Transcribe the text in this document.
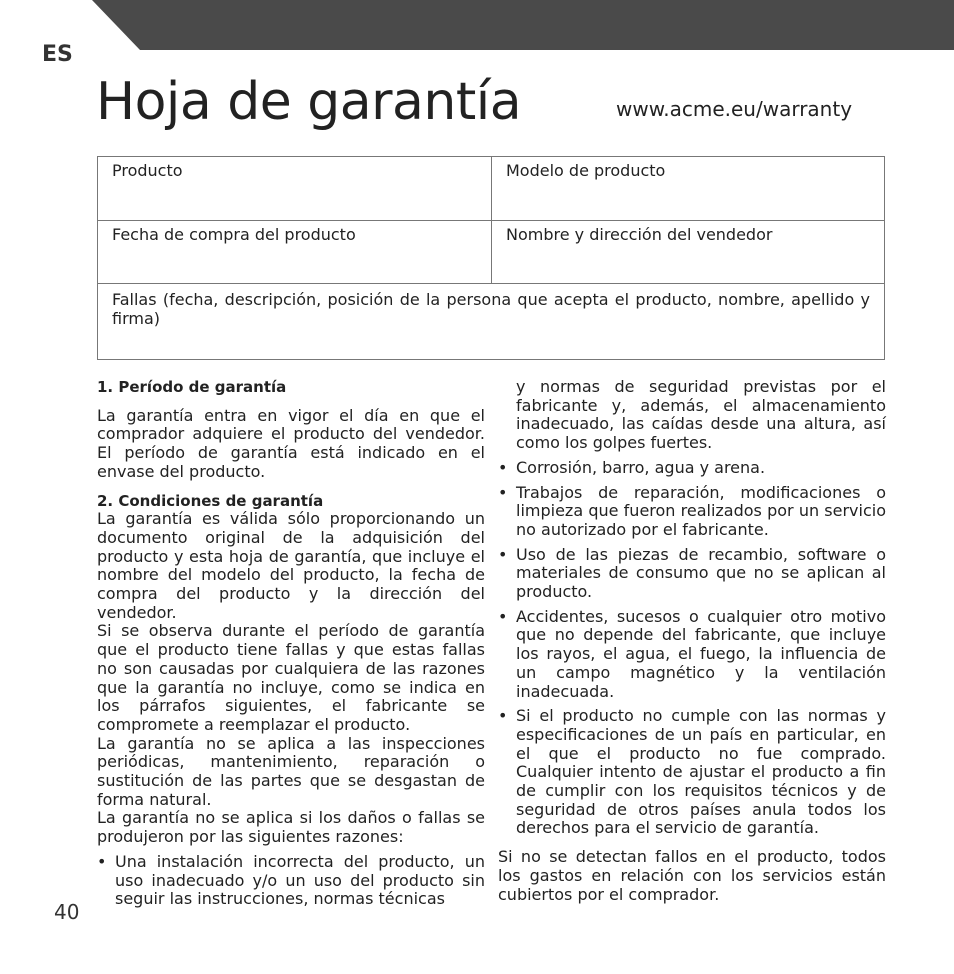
ES
Hoja de garantía	www.acme.eu/warranty
Producto	Modelo de producto
Fecha de compra del producto	Nombre y dirección del vendedor
Fallas (fecha, descripción, posición de la persona que acepta el producto, nombre, apellido y firma)
1. Período de garantía

La garantía entra en vigor el día en que el comprador adquiere el producto del vendedor. El período de garantía está indicado en el envase del producto.

2. Condiciones de garantía

La garantía es válida sólo proporcionando un documento original de la adquisición del producto y esta hoja de garantía, que incluye el nombre del modelo del producto, la fecha de compra del producto y la dirección del vendedor.

Si se observa durante el período de garantía que el producto tiene fallas y que estas fallas no son causadas por cualquiera de las razones que la garantía no incluye, como se indica en los párrafos siguientes, el fabricante se compromete a reemplazar el producto.

La garantía no se aplica a las inspecciones periódicas, mantenimiento, reparación o sustitución de las partes que se desgastan de forma natural.

La garantía no se aplica si los daños o fallas se produjeron por las siguientes razones:

• Una instalación incorrecta del producto, un uso inadecuado y/o un uso del producto sin seguir las instrucciones, normas técnicas

y normas de seguridad previstas por el fabricante y, además, el almacenamiento inadecuado, las caídas desde una altura, así como los golpes fuertes.

• Corrosión, barro, agua y arena.

• Trabajos de reparación, modificaciones o limpieza que fueron realizados por un servicio no autorizado por el fabricante.

• Uso de las piezas de recambio, software o materiales de consumo que no se aplican al producto.

• Accidentes, sucesos o cualquier otro motivo que no depende del fabricante, que incluye los rayos, el agua, el fuego, la influencia de un campo magnético y la ventilación inadecuada.

• Si el producto no cumple con las normas y especificaciones de un país en particular, en el que el producto no fue comprado. Cualquier intento de ajustar el producto a fin de cumplir con los requisitos técnicos y de seguridad de otros países anula todos los derechos para el servicio de garantía.

Si no se detectan fallos en el producto, todos los gastos en relación con los servicios están cubiertos por el comprador.

40
